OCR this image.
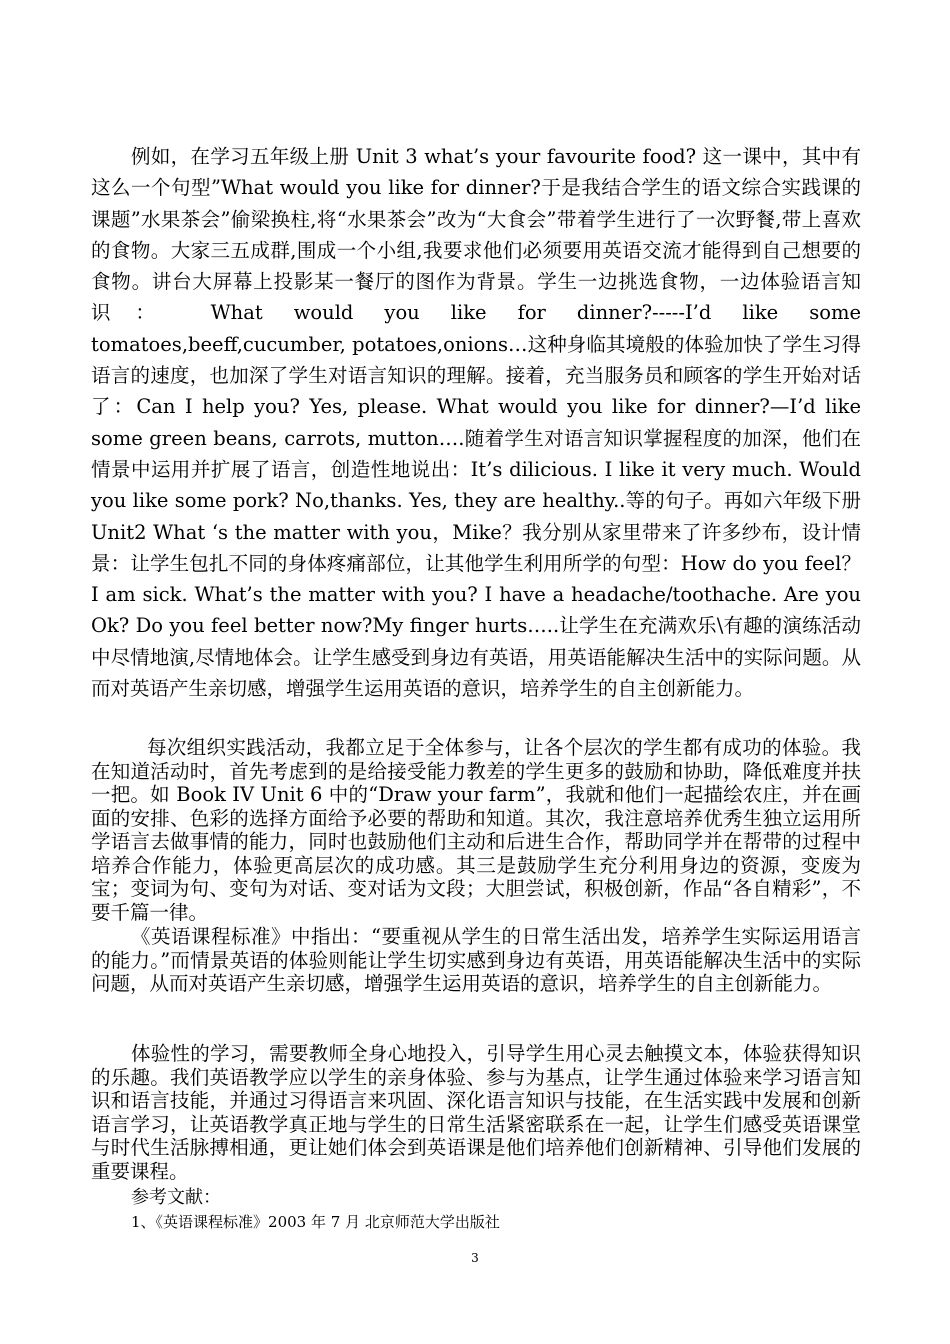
例如，在学习五年级上册 Unit 3 what’s your favourite food? 这一课中，其中有这么一个句型”What would you like for dinner?于是我结合学生的语文综合实践课的课题”水果茶会”偷梁换柱,将“水果茶会”改为“大食会”带着学生进行了一次野餐,带上喜欢的食物。大家三五成群,围成一个小组,我要求他们必须要用英语交流才能得到自己想要的食物。讲台大屏幕上投影某一餐厅的图作为背景。学生一边挑选食物，一边体验语言知识： What would you like for dinner?-----I’d like some tomatoes,beeff,cucumber, potatoes,onions…这种身临其境般的体验加快了学生习得语言的速度，也加深了学生对语言知识的理解。接着，充当服务员和顾客的学生开始对话了：Can I help you? Yes, please. What would you like for dinner?—I’d like some green beans, carrots, mutton….随着学生对语言知识掌握程度的加深，他们在情景中运用并扩展了语言，创造性地说出：It’s dilicious. I like it very much. Would you like some pork? No,thanks. Yes, they are healthy..等的句子。再如六年级下册 Unit2 What ‘s the matter with you，Mike？我分别从家里带来了许多纱布，设计情景：让学生包扎不同的身体疼痛部位，让其他学生利用所学的句型：How do you feel？ I am sick. What’s the matter with you? I have a headache/toothache. Are you Ok? Do you feel better now?My finger hurts…..让学生在充满欢乐\有趣的演练活动中尽情地演,尽情地体会。让学生感受到身边有英语，用英语能解决生活中的实际问题。从而对英语产生亲切感，增强学生运用英语的意识，培养学生的自主创新能力。

每次组织实践活动，我都立足于全体参与，让各个层次的学生都有成功的体验。我在知道活动时，首先考虑到的是给接受能力教差的学生更多的鼓励和协助，降低难度并扶一把。如 Book IV Unit 6 中的“Draw your farm”，我就和他们一起描绘农庄，并在画面的安排、色彩的选择方面给予必要的帮助和知道。其次，我注意培养优秀生独立运用所学语言去做事情的能力，同时也鼓励他们主动和后进生合作，帮助同学并在帮带的过程中培养合作能力，体验更高层次的成功感。其三是鼓励学生充分利用身边的资源，变废为宝；变词为句、变句为对话、变对话为文段；大胆尝试，积极创新，作品“各自精彩”，不要千篇一律。

《英语课程标准》中指出：“要重视从学生的日常生活出发，培养学生实际运用语言的能力。”而情景英语的体验则能让学生切实感到身边有英语，用英语能解决生活中的实际问题，从而对英语产生亲切感，增强学生运用英语的意识，培养学生的自主创新能力。

体验性的学习，需要教师全身心地投入，引导学生用心灵去触摸文本，体验获得知识的乐趣。我们英语教学应以学生的亲身体验、参与为基点，让学生通过体验来学习语言知识和语言技能，并通过习得语言来巩固、深化语言知识与技能，在生活实践中发展和创新语言学习，让英语教学真正地与学生的日常生活紧密联系在一起，让学生们感受英语课堂与时代生活脉搏相通，更让她们体会到英语课是他们培养他们创新精神、引导他们发展的重要课程。

参考文献：

1、《英语课程标准》2003 年 7 月 北京师范大学出版社

3
